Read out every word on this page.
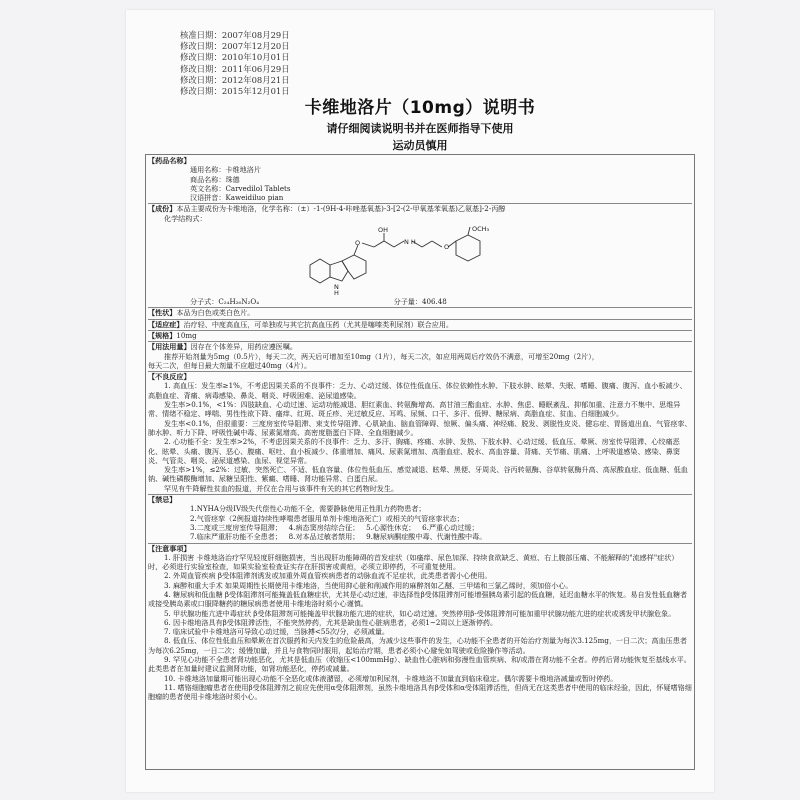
核准日期：2007年08月29日
修改日期：2007年12月20日
修改日期：2010年10月01日
修改日期：2011年06月29日
修改日期：2012年08月21日
修改日期：2015年12月01日
卡维地洛片（10mg）说明书
请仔细阅读说明书并在医师指导下使用
运动员慎用
【药品名称】
通用名称：卡维地洛片
商品名称：珠德
英文名称：Carvedilol Tablets
汉语拼音：Kaweidiluo pian
【成份】本品主要成份为卡维地洛，化学名称：（±）-1-(9H-4-咔唑基氧基)-3-[2-(2-甲氧基苯氧基)乙氨基]-2-丙醇
化学结构式：
O	O
OH
N H
N
H
OCH₃
分子式：C₂₄H₂₆N₂O₄	分子量：406.48
【性状】本品为白色或类白色片。
【适应症】治疗轻、中度高血压，可单独或与其它抗高血压药（尤其是噻嗪类利尿剂）联合应用。
【规格】10mg
【用法用量】因存在个体差异，用药应遵医嘱。
推荐开始剂量为5mg（0.5片），每天二次，两天后可增加至10mg（1片），每天二次，如应用两周后疗效仍不满意，可增至20mg（2片），
每天二次，但每日最大剂量不应超过40mg（4片）。
【不良反应】

1. 高血压：发生率≥1%，不考虑因果关系的不良事件：乏力、心动过缓、体位性低血压、体位依赖性水肿、下肢水肿、眩晕、失眠、嗜睡、腹痛、腹泻、血小板减少、高脂血症、背痛、病毒感染、鼻炎、咽炎、呼吸困难、泌尿道感染。

发生率>0.1%，<1%：四肢缺血、心动过速、运动功能减退、胆红素血、转氨酶增高、高甘油三酯血症、水肿、焦虑、睡眠紊乱、抑郁加重、注意力不集中、思维异常、情绪不稳定、哮喘、男性性欲下降、瘙痒、红斑、斑丘疹、光过敏反应、耳鸣、尿频、口干、多汗、低钾、糖尿病、高脂血症、贫血、白细胞减少。

发生率<0.1%，但很重要：三度房室传导阻滞、束支传导阻滞、心肌缺血、脑血管障碍、惊厥、偏头痛、神经痛、脱发、剥脱性皮炎、健忘症、胃肠道出血、气管痉挛、肺水肿、听力下降、呼吸性碱中毒、尿素氮增高、高密度脂蛋白下降、全血细胞减少。

2. 心功能不全：发生率>2%，不考虑因果关系的不良事件：乏力、多汗、胸痛、疼痛、水肿、发热、下肢水肿、心动过缓、低血压、晕厥、房室传导阻滞、心绞痛恶化、眩晕、头痛、腹泻、恶心、腹痛、呕吐、血小板减少、体重增加、痛风、尿素氮增加、高脂血症、脱水、高血容量、背痛、关节痛、肌痛、上呼吸道感染、感染、鼻窦炎、气管炎、咽炎、泌尿道感染、血尿、视觉异常。

发生率>1%，≤2%：过敏、突然死亡、不适、低血容量、体位性低血压、感觉减退、眩晕、黑便、牙周炎、谷丙转氨酶、谷草转氨酶升高、高尿酸血症、低血糖、低血钠、碱性磷酸酶增加、尿糖呈阳性、紫癜、嗜睡、肾功能异常、白蛋白尿。

罕见有牛降解性贫血的报道，并仅在合用与该事件有关的其它药物时发生。

【禁忌】
1.NYHA分级IV级失代偿性心功能不全，需要静脉使用正性肌力药物患者；
2.气管痉挛（2例报道持续性哮喘患者服用单剂卡维地洛死亡）或相关的气管痉挛状态；
3.二度或三度房室传导阻滞； 4.病态窦房结综合征； 5.心源性休克； 6.严重心动过缓；
7.临床严重肝功能不全患者； 8.对本品过敏者禁用； 9.糖尿病酮症酸中毒、代谢性酸中毒。
【注意事项】

1. 肝损害 卡维地洛治疗罕见轻度肝细胞损害，当出现肝功能障碍的首发症状（如瘙痒、尿色加深、持续食欲缺乏、黄疸、右上腹部压痛、不能解释的"流感样"症状）时，必须进行实验室检查，如果实验室检查证实存在肝损害或黄疸，必须立即停药，不可重复使用。

2. 外周血管疾病 β受体阻滞剂诱发或加重外周血管疾病患者的动脉血流不足症状，此类患者需小心使用。

3. 麻醉和重大手术 如果周期性长期使用卡维地洛，当使用抑心脏和削减作用的麻醉剂如乙醚、三甲烯和三氯乙烯时，须加倍小心。

4. 糖尿病和低血糖 β受体阻滞剂可能掩盖低血糖症状，尤其是心动过速，非选择性β受体阻滞剂可能增强胰岛素引起的低血糖，延迟血糖水平的恢复。易自发性低血糖者或接受胰岛素或口服降糖药的糖尿病患者使用卡维地洛时须小心谨慎。

5. 甲状腺功能亢进中毒症状 β受体阻滞剂可能掩盖甲状腺功能亢进的症状，如心动过速。突然停用β-受体阻滞剂可能加重甲状腺功能亢进的症状或诱发甲状腺危象。

6. 因卡维地洛具有β受体阻滞活性，不能突然停药，尤其是缺血性心脏病患者，必须1~2周以上逐渐停药。

7. 临床试验中卡维地洛可导致心动过缓，当脉搏<55次/分，必须减量。

8. 低血压、体位性低血压和晕厥在首次服药和天内发生的危险最高，为减少这些事件的发生，心功能不全患者的开始治疗剂量为每次3.125mg，一日二次；高血压患者为每次6.25mg，一日二次；缓慢加量，并且与食物同时服用，起始治疗期，患者必须小心避免如驾驶或危险操作等活动。

9. 罕见心功能不全患者肾功能恶化，尤其是低血压（收缩压<100mmHg）、缺血性心脏病和弥漫性血管疾病、和/或潜在肾功能不全者。停药后肾功能恢复至基线水平。此类患者在加量时建议监测肾功能，如肾功能恶化，停药或减量。

10. 卡维地洛加量期可能出现心功能不全恶化或体液潴留，必须增加利尿剂，卡维地洛不加量直到临床稳定。偶尔需要卡维地洛减量或暂时停药。

11. 嗜铬细胞瘤患者在使用β受体阻滞剂之前应先使用α受体阻滞剂，虽然卡维地洛具有β受体和α受体阻滞活性，但尚无在这类患者中使用的临床经验，因此，怀疑嗜铬细胞瘤的患者使用卡维地洛时须小心。
